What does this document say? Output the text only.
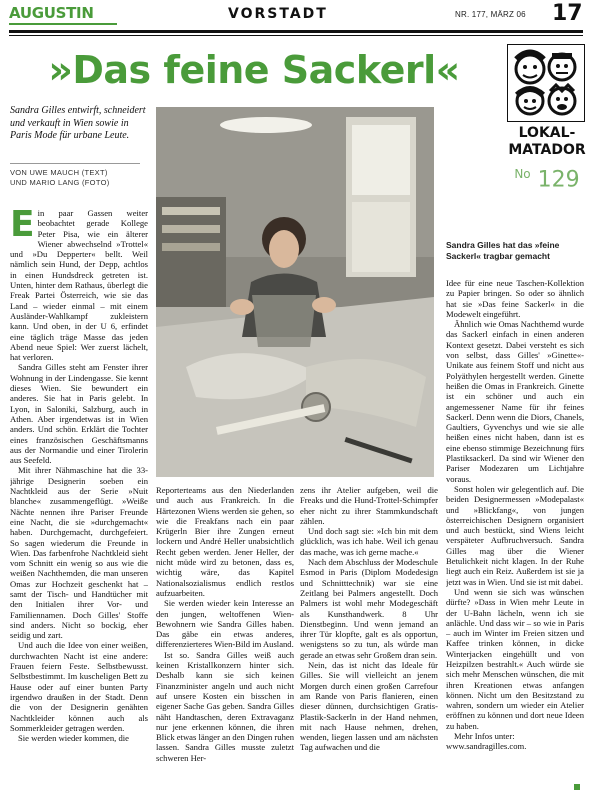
AUGUSTIN	VORSTADT	NR. 177, MÄRZ 06 17
»Das feine Sackerl«
LOKAL-
MATADOR
$^{No}$ 129
Sandra Gilles entwirft, schneidert und verkauft in Wien sowie in Paris Mode für urbane Leute.
VON UWE MAUCH (TEXT)
UND MARIO LANG (FOTO)
Sandra Gilles hat das »feine Sackerl« tragbar gemacht

Ein paar Gassen weiter beobachtet gerade Kollege Peter Pisa, wie ein älterer Wiener abwechselnd »Trottel« und »Du Depperter« bellt. Weil nämlich sein Hund, der Depp, achtlos in einen Hundsdreck getreten ist. Unten, hinter dem Rathaus, überlegt die Freak Partei Österreich, wie sie das Land – wieder einmal – mit einem Ausländer-Wahlkampf zukleistern kann. Und oben, in der U 6, erfindet eine täglich träge Masse das jeden Abend neue Spiel: Wer zuerst lächelt, hat verloren.

Sandra Gilles steht am Fenster ihrer Wohnung in der Lindengasse. Sie kennt dieses Wien. Sie bewundert ein anderes. Sie hat in Paris gelebt. In Lyon, in Saloniki, Salzburg, auch in Athen. Aber irgendetwas ist in Wien anders. Und schön. Erklärt die Tochter eines französischen Geschäftsmanns aus der Normandie und einer Tirolerin aus Seefeld.

Mit ihrer Nähmaschine hat die 33-jährige Designerin soeben ein Nachtkleid aus der Serie »Nuit blanche« zusammengeflügt. »Weiße Nächte nennen ihre Pariser Freunde eine Nacht, die sie »durchgemacht« haben. Durchgemacht, durchgefeiert. So sagen wiederum die Freunde in Wien. Das farbenfrohe Nachtkleid sieht vom Schnitt ein wenig so aus wie die weißen Nachthemden, die man unseren Omas zur Hochzeit geschenkt hat – samt der Tisch- und Handtücher mit den Initialen ihrer Vor- und Familiennamen. Doch Gilles' Stoffe sind anders. Nicht so bockig, eher seidig und zart.

Und auch die Idee von einer weißen, durchwachten Nacht ist eine andere: Frauen feiern Feste. Selbstbewusst. Selbstbestimmt. Im kuscheligen Bett zu Hause oder auf einer bunten Party irgendwo draußen in der Stadt. Denn die von der Designerin genähten Nachtkleider können auch als Sommerkleider getragen werden.

Sie werden wieder kommen, die

Reporterteams aus den Niederlanden und auch aus Frankreich. In die Härtezonen Wiens werden sie gehen, so wie die Freakfans nach ein paar Krügerln Bier ihre Zungen erneut lockern und André Heller unabsichtlich Recht geben werden. Jener Heller, der nicht müde wird zu betonen, dass es, wichtig wäre, das Kapitel Nationalsozialismus endlich restlos aufzuarbeiten.

Sie werden wieder kein Interesse an den jungen, weltoffenen Wien-Bewohnern wie Sandra Gilles haben. Das gäbe ein etwas anderes, differenzierteres Wien-Bild im Ausland.

Ist so. Sandra Gilles weiß auch keinen Kristallkonzern hinter sich. Deshalb kann sie sich keinen Finanzminister angeln und auch nicht auf unsere Kosten ein bisschen in eigener Sache Gas geben. Sandra Gilles näht Handtaschen, deren Extravaganz nur jene erkennen können, die ihren Blick etwas länger an den Dingen ruhen lassen. Sandra Gilles musste zuletzt schweren Her-

zens ihr Atelier aufgeben, weil die Freaks und die Hund-Trottel-Schimpfer eher nicht zu ihrer Stammkundschaft zählen.

Und doch sagt sie: »Ich bin mit dem glücklich, was ich habe. Weil ich genau das mache, was ich gerne mache.«

Nach dem Abschluss der Modeschule Esmod in Paris (Diplom Modedesign und Schnitttechnik) war sie eine Zeitlang bei Palmers angestellt. Doch Palmers ist wohl mehr Modegeschäft als Kunsthandwerk. 8 Uhr Dienstbeginn. Und wenn jemand an ihrer Tür klopfte, galt es als opportun, wenigstens so zu tun, als würde man gerade an etwas sehr Großem dran sein.

Nein, das ist nicht das Ideale für Gilles. Sie will vielleicht an jenem Morgen durch einen großen Carrefour am Rande von Paris flanieren, einen dieser dünnen, durchsichtigen Gratis-Plastik-Sackerln in der Hand nehmen, mit nach Hause nehmen, drehen, wenden, liegen lassen und am nächsten Tag aufwachen und die

Idee für eine neue Taschen-Kollektion zu Papier bringen. So oder so ähnlich hat sie »Das feine Sackerl« in die Modewelt eingeführt.

Ähnlich wie Omas Nachthemd wurde das Sackerl einfach in einen anderen Kontext gesetzt. Dabei versteht es sich von selbst, dass Gilles' »Ginette«-Unikate aus feinem Stoff und nicht aus Polyäthylen hergestellt werden. Ginette heißen die Omas in Frankreich. Ginette ist ein schöner und auch ein angemessener Name für ihr feines Sackerl. Denn wenn die Diors, Chanels, Gaultiers, Gyvenchys und wie sie alle heißen eines nicht haben, dann ist es eine ebenso stimmige Bezeichnung fürs Plastiksackerl. Da sind wir Wiener den Pariser Modezaren um Lichtjahre voraus.

Sonst holen wir gelegentlich auf. Die beiden Designermessen »Modepalast« und »Blickfang«, von jungen österreichischen Designern organisiert und auch bestückt, sind Wiens leicht verspäteter Aufbruchversuch. Sandra Gilles mag über die Wiener Betulichkeit nicht klagen. In der Ruhe liegt auch ein Reiz. Außerdem ist sie ja jetzt was in Wien. Und sie ist mit dabei.

Und wenn sie sich was wünschen dürfte? »Dass in Wien mehr Leute in der U-Bahn lächeln, wenn ich sie anlächle. Und dass wir – so wie in Paris – auch im Winter im Freien sitzen und Kaffee trinken können, in dicke Winterjacken eingehüllt und von Heizpilzen bestrahlt.« Auch würde sie sich mehr Menschen wünschen, die mit ihren Kreationen etwas anfangen können. Nicht um den Besitzstand zu wahren, sondern um wieder ein Atelier eröffnen zu können und dort neue Ideen zu haben.

Mehr Infos unter:

www.sandragilles.com.
